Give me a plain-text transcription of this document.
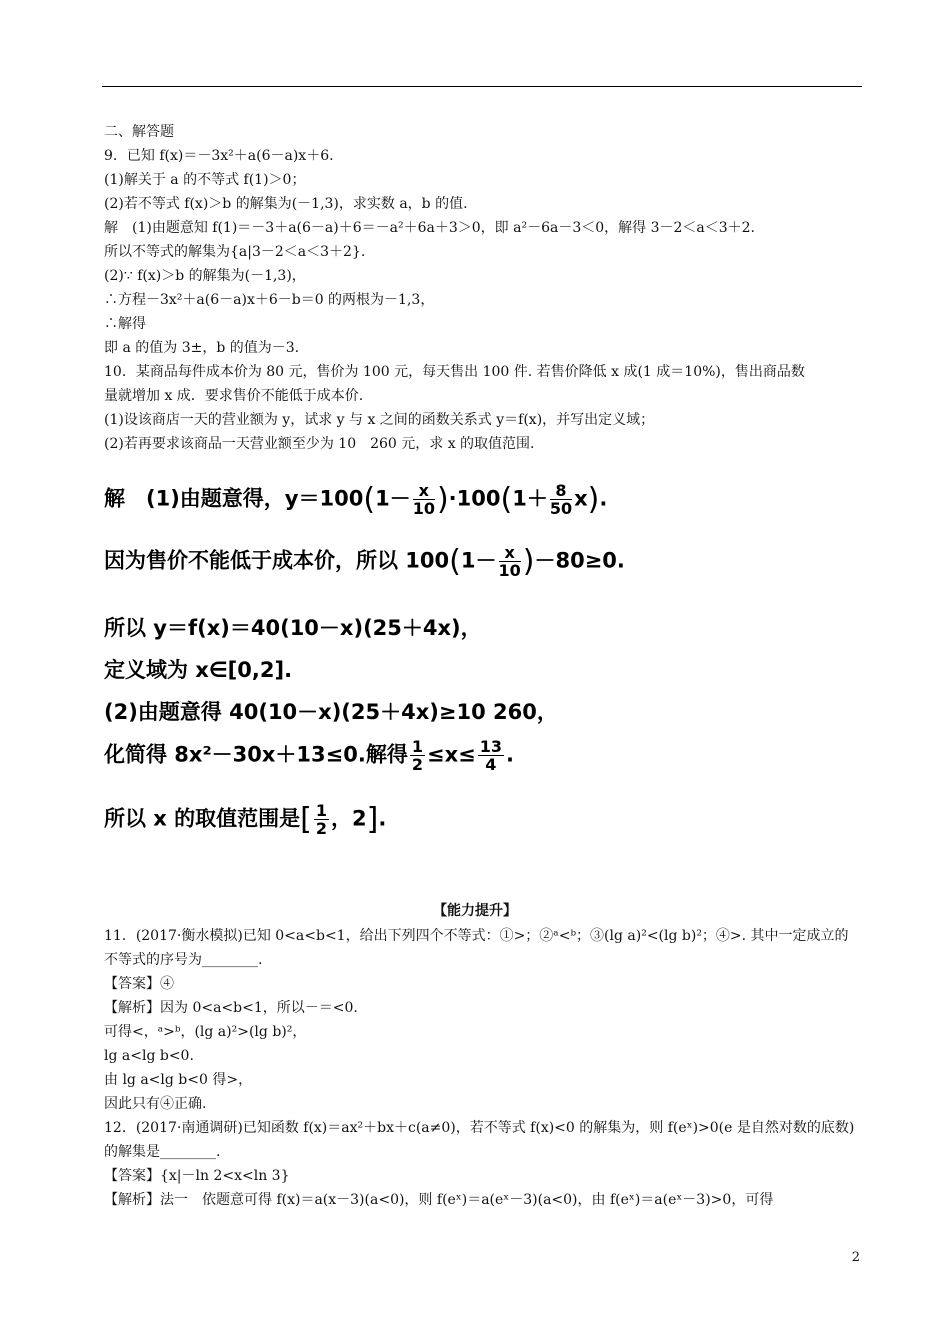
二、解答题
9．已知 f(x)＝－3x²＋a(6－a)x＋6.
(1)解关于 a 的不等式 f(1)＞0；
(2)若不等式 f(x)＞b 的解集为(－1,3)，求实数 a，b 的值.
解　(1)由题意知 f(1)＝－3＋a(6－a)＋6＝－a²＋6a＋3＞0，即 a²－6a－3＜0，解得 3－2＜a＜3＋2.
所以不等式的解集为{a|3－2＜a＜3＋2}.
(2)∵ f(x)＞b 的解集为(－1,3)，
∴方程－3x²＋a(6－a)x＋6－b＝0 的两根为－1,3，
∴解得
即 a 的值为 3±，b 的值为－3.
10．某商品每件成本价为 80 元，售价为 100 元，每天售出 100 件. 若售价降低 x 成(1 成＝10%)，售出商品数
量就增加 x 成．要求售价不能低于成本价.
(1)设该商店一天的营业额为 y，试求 y 与 x 之间的函数关系式 y＝f(x)，并写出定义域；
(2)若再要求该商品一天营业额至少为 10　260 元，求 x 的取值范围.
解　(1)由题意得，$y=100(1- \frac{x}{10} )\cdot 100(1+ \frac{8}{50} x)$.
因为售价不能低于成本价，所以 $100(1- \frac{x}{10} )-80\ge 0$.
所以 y＝f(x)＝40(10－x)(25＋4x)，
定义域为 x∈[0,2].
(2)由题意得 40(10－x)(25＋4x)≥10 260，
化简得 8x²－30x＋13≤0.解得 $\frac{1}{2} \le x\le \frac{13}{4}$ .
所以 x 的取值范围是[ $\frac{1}{2}$ ，2].
【能力提升】
11．(2017·衡水模拟)已知 0<a<b<1，给出下列四个不等式：①>；②ᵃ<ᵇ；③(lg a)²<(lg b)²；④>. 其中一定成立的不等式的序号为________.
【答案】④
【解析】因为 0<a<b<1，所以－＝<0.
可得<，ᵃ>ᵇ，(lg a)²>(lg b)²，
lg a<lg b<0.
由 lg a<lg b<0 得>，
因此只有④正确.
12．(2017·南通调研)已知函数 f(x)＝ax²＋bx＋c(a≠0)，若不等式 f(x)<0 的解集为，则 f(eˣ)>0(e 是自然对数的底数)的解集是________.
【答案】{x|－ln 2<x<ln 3}
【解析】法一　依题意可得 f(x)＝a(x－3)(a<0)，则 f(eˣ)＝a(eˣ－3)(a<0)，由 f(eˣ)＝a(eˣ－3)>0，可得
2
